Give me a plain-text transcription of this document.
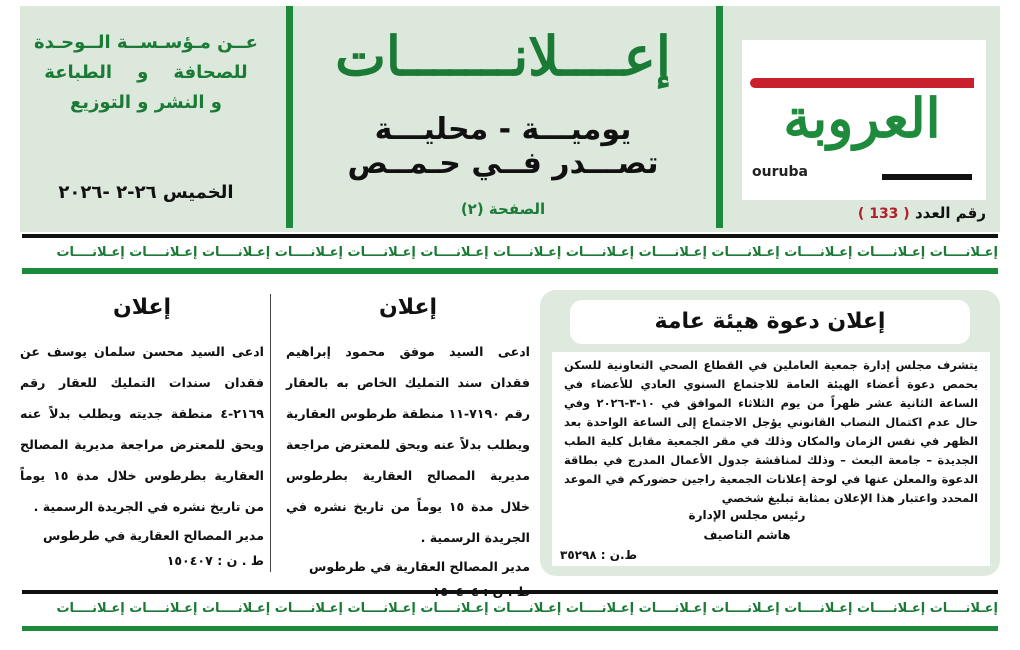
العروبة
ouruba
رقم العدد ( 133 )
إعــــلانـــــــات
يوميـــة - محليـــة
تصـــدر فــي حـمــص
الصفحة (٢)
عــن مـؤسـســة الــوحـدة
للصحافة    و    الطباعة
و النشر و التوزيع
الخميس ٢٦-٢ -٢٠٢٦
إعـلانــــات إعـلانــــات إعـلانــــات إعـلانــــات إعـلانــــات إعـلانــــات إعـلانــــات إعـلانــــات إعـلانــــات إعـلانــــات إعـلانــــات إعـلانــــات إعـلانــــات
إعلان دعوة هيئة عامة

يتشرف مجلس إدارة جمعية العاملين في القطاع الصحي التعاونية للسكن بحمص دعوة أعضاء الهيئة العامة للاجتماع السنوي العادي للأعضاء في الساعة الثانية عشر ظهراً من يوم الثلاثاء الموافق في ١٠-٣-٢٠٢٦ وفي حال عدم اكتمال النصاب القانوني يؤجل الاجتماع إلى الساعة الواحدة بعد الظهر في نفس الزمان والمكان وذلك في مقر الجمعية مقابل كلية الطب الجديدة – جامعة البعث – وذلك لمناقشة جدول الأعمال المدرج في بطاقة الدعوة والمعلن عنها في لوحة إعلانات الجمعية راجين حضوركم في الموعد المحدد واعتبار هذا الإعلان بمثابة تبليغ شخصي

رئيس مجلس الإدارة
هاشم الناصيف
ط.ن : ٣٥٢٩٨
إعلان

ادعى السيد موفق محمود إبراهيم فقدان سند التمليك الخاص به بالعقار رقم ٧١٩٠-١١ منطقة طرطوس العقارية ويطلب بدلاً عنه ويحق للمعترض مراجعة مديرية المصالح العقارية بطرطوس خلال مدة ١٥ يوماً من تاريخ نشره في الجريدة الرسمية .

مدير المصالح العقارية في طرطوس
إعلان

ادعى السيد محسن سلمان يوسف عن فقدان سندات التمليك للعقار رقم ٢١٦٩-٤ منطقة جديته ويطلب بدلاً عنه ويحق للمعترض مراجعة مديرية المصالح العقارية بطرطوس خلال مدة ١٥ يوماً من تاريخ نشره في الجريدة الرسمية .

مدير المصالح العقارية في طرطوس
ط . ن : ١٥٠٤٠٧
إعـلانــــات إعـلانــــات إعـلانــــات إعـلانــــات إعـلانــــات إعـلانــــات إعـلانــــات إعـلانــــات إعـلانــــات إعـلانــــات إعـلانــــات إعـلانــــات إعـلانــــات
